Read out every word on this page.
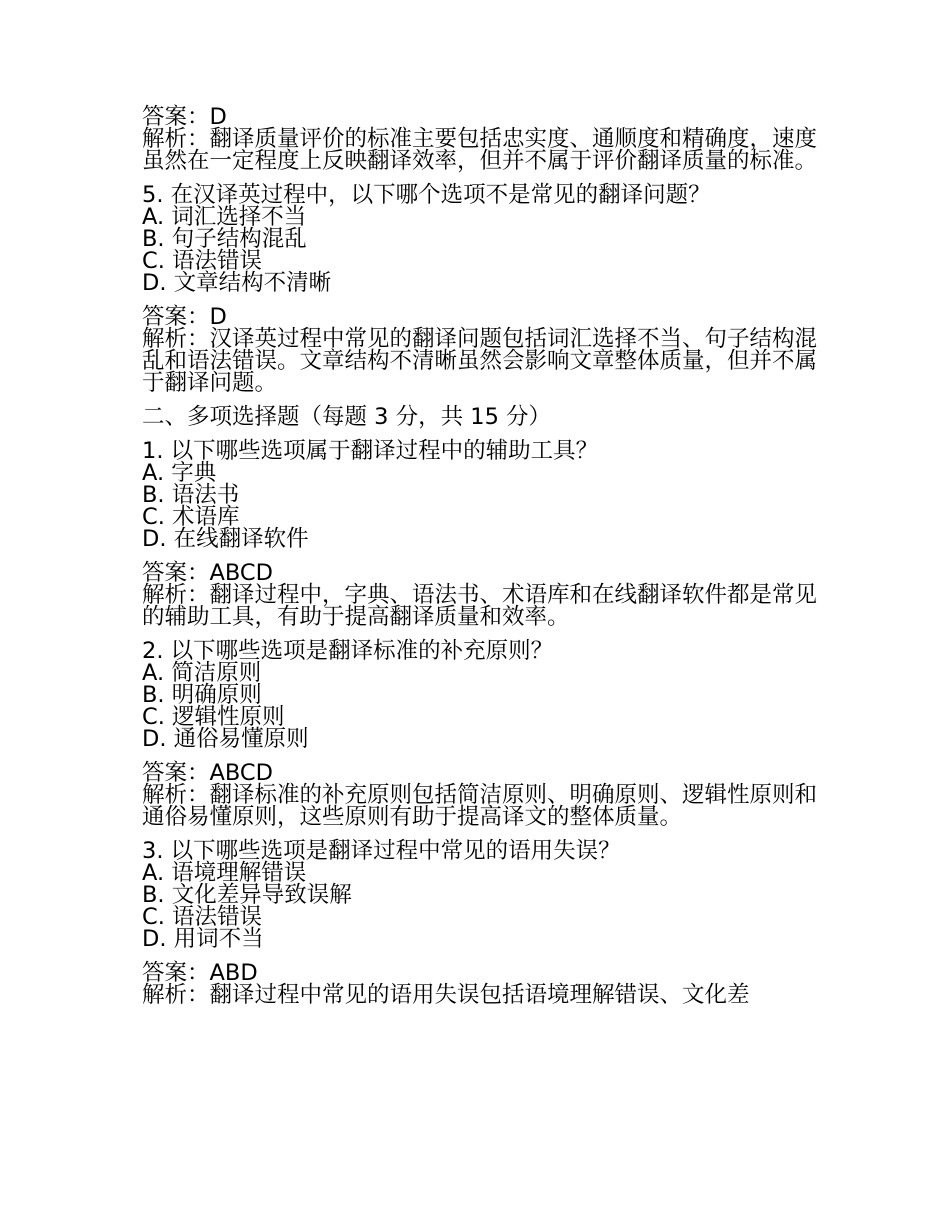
答案：D
解析：翻译质量评价的标准主要包括忠实度、通顺度和精确度，速度虽然在一定程度上反映翻译效率，但并不属于评价翻译质量的标准。
5. 在汉译英过程中，以下哪个选项不是常见的翻译问题？
A. 词汇选择不当
B. 句子结构混乱
C. 语法错误
D. 文章结构不清晰
答案：D
解析：汉译英过程中常见的翻译问题包括词汇选择不当、句子结构混乱和语法错误。文章结构不清晰虽然会影响文章整体质量，但并不属于翻译问题。
二、多项选择题（每题 3 分，共 15 分）
1. 以下哪些选项属于翻译过程中的辅助工具？
A. 字典
B. 语法书
C. 术语库
D. 在线翻译软件
答案：ABCD
解析：翻译过程中，字典、语法书、术语库和在线翻译软件都是常见的辅助工具，有助于提高翻译质量和效率。
2. 以下哪些选项是翻译标准的补充原则？
A. 简洁原则
B. 明确原则
C. 逻辑性原则
D. 通俗易懂原则
答案：ABCD
解析：翻译标准的补充原则包括简洁原则、明确原则、逻辑性原则和通俗易懂原则，这些原则有助于提高译文的整体质量。
3. 以下哪些选项是翻译过程中常见的语用失误？
A. 语境理解错误
B. 文化差异导致误解
C. 语法错误
D. 用词不当
答案：ABD
解析：翻译过程中常见的语用失误包括语境理解错误、文化差
